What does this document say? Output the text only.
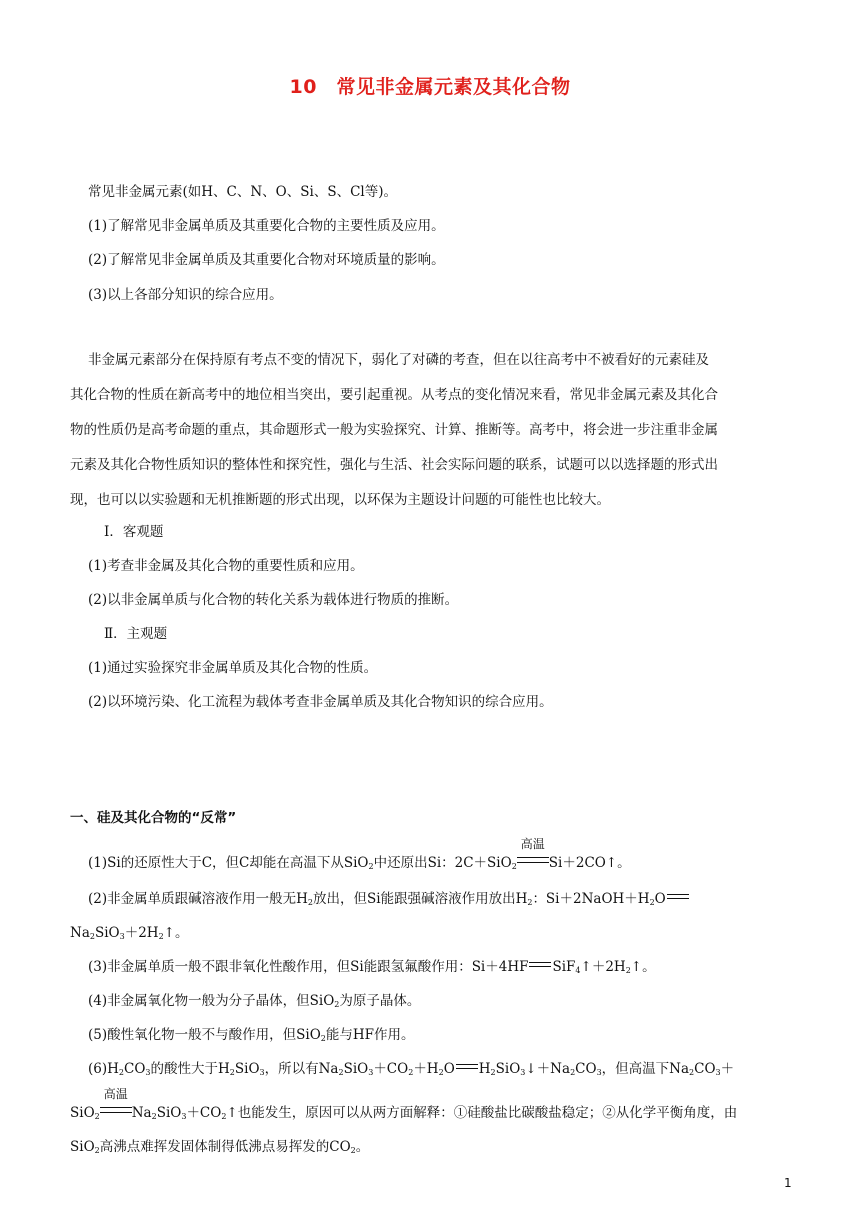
10　常见非金属元素及其化合物
常见非金属元素(如H、C、N、O、Si、S、Cl等)。
(1)了解常见非金属单质及其重要化合物的主要性质及应用。
(2)了解常见非金属单质及其重要化合物对环境质量的影响。
(3)以上各部分知识的综合应用。
非金属元素部分在保持原有考点不变的情况下，弱化了对磷的考查，但在以往高考中不被看好的元素硅及
其化合物的性质在新高考中的地位相当突出，要引起重视。从考点的变化情况来看，常见非金属元素及其化合
物的性质仍是高考命题的重点，其命题形式一般为实验探究、计算、推断等。高考中，将会进一步注重非金属
元素及其化合物性质知识的整体性和探究性，强化与生活、社会实际问题的联系，试题可以以选择题的形式出
现，也可以以实验题和无机推断题的形式出现，以环保为主题设计问题的可能性也比较大。
Ⅰ．客观题
(1)考查非金属及其化合物的重要性质和应用。
(2)以非金属单质与化合物的转化关系为载体进行物质的推断。
Ⅱ．主观题
(1)通过实验探究非金属单质及其化合物的性质。
(2)以环境污染、化工流程为载体考查非金属单质及其化合物知识的综合应用。
一、硅及其化合物的“反常”
(1)Si的还原性大于C，但C却能在高温下从SiO$_2$中还原出Si：2C＋SiO$_2$
高温
Si＋2CO↑。
(2)非金属单质跟碱溶液作用一般无$H_2$放出，但Si能跟强碱溶液作用放出$H_2$：$Si+2NaOH+H_2O$
$Na_2SiO_3+2H_2↑$。
(3)非金属单质一般不跟非氧化性酸作用，但Si能跟氢氟酸作用：Si＋4HF $SiF_4↑+2H_2↑$。
(4)非金属氧化物一般为分子晶体，但SiO$_2$为原子晶体。
(5)酸性氧化物一般不与酸作用，但SiO$_2$能与HF作用。
$(6)H_2CO_3$的酸性大于$H_2SiO_3$，所以有$Na_2SiO_3+CO_2+H_2O$ $H_2SiO_3↓+Na_2CO_3$，但高温下$Na_2CO_3+$
SiO$_2$
高温
$Na_2SiO_3+CO_2↑$也能发生，原因可以从两方面解释：①硅酸盐比碳酸盐稳定；②从化学平衡角度，由
SiO$_2$高沸点难挥发固体制得低沸点易挥发的$CO_2$。
1
